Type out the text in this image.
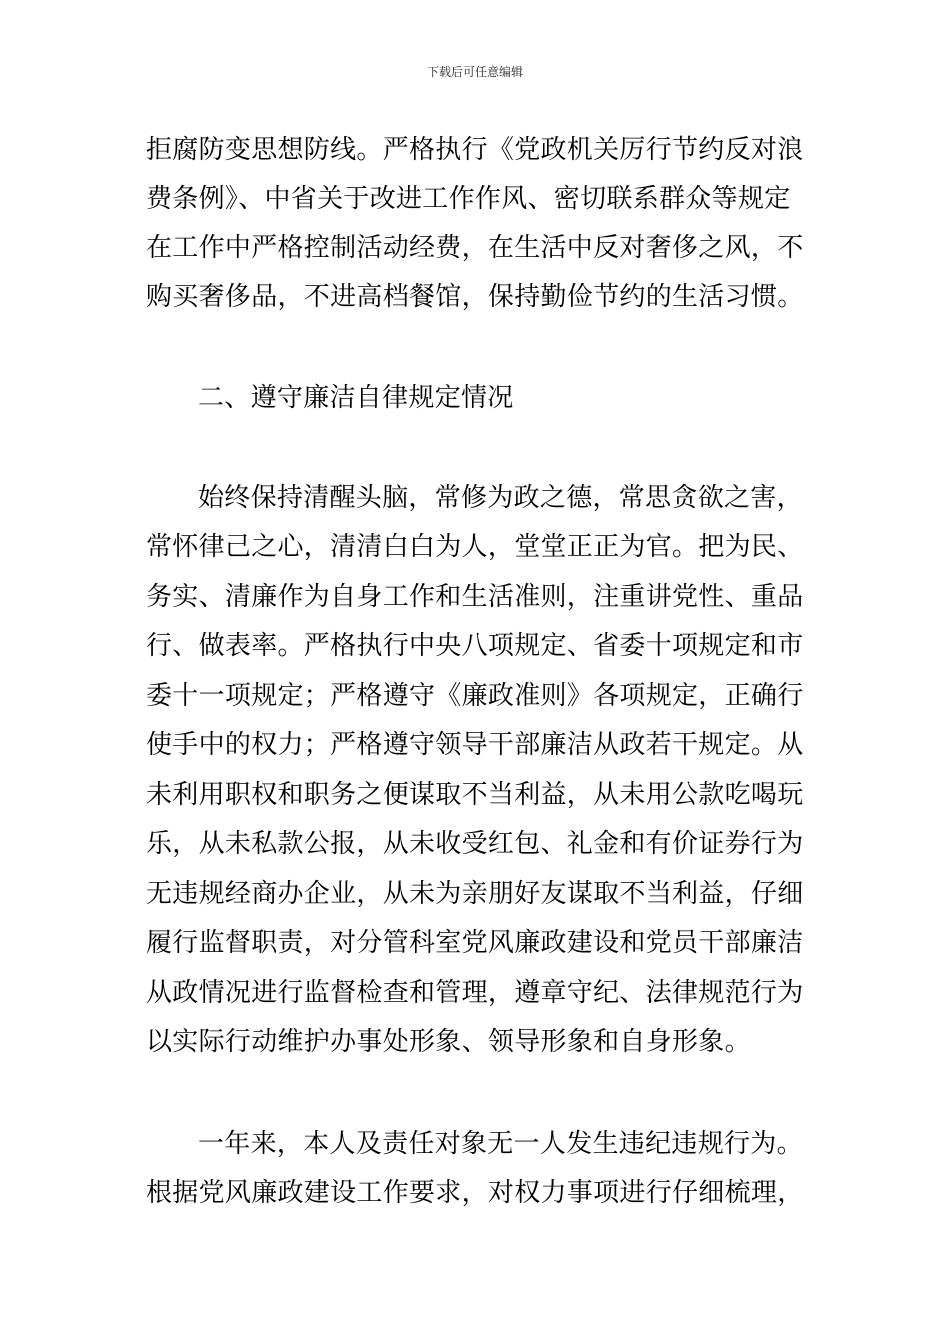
下载后可任意编辑
拒腐防变思想防线。严格执行《党政机关厉行节约反对浪
费条例》、中省关于改进工作作风、密切联系群众等规定
在工作中严格控制活动经费，在生活中反对奢侈之风，不
购买奢侈品，不进高档餐馆，保持勤俭节约的生活习惯。
二、遵守廉洁自律规定情况
始终保持清醒头脑，常修为政之德，常思贪欲之害，
常怀律己之心，清清白白为人，堂堂正正为官。把为民、
务实、清廉作为自身工作和生活准则，注重讲党性、重品
行、做表率。严格执行中央八项规定、省委十项规定和市
委十一项规定；严格遵守《廉政准则》各项规定，正确行
使手中的权力；严格遵守领导干部廉洁从政若干规定。从
未利用职权和职务之便谋取不当利益，从未用公款吃喝玩
乐，从未私款公报，从未收受红包、礼金和有价证券行为
无违规经商办企业，从未为亲朋好友谋取不当利益，仔细
履行监督职责，对分管科室党风廉政建设和党员干部廉洁
从政情况进行监督检查和管理，遵章守纪、法律规范行为
以实际行动维护办事处形象、领导形象和自身形象。
一年来，本人及责任对象无一人发生违纪违规行为。
根据党风廉政建设工作要求，对权力事项进行仔细梳理，
